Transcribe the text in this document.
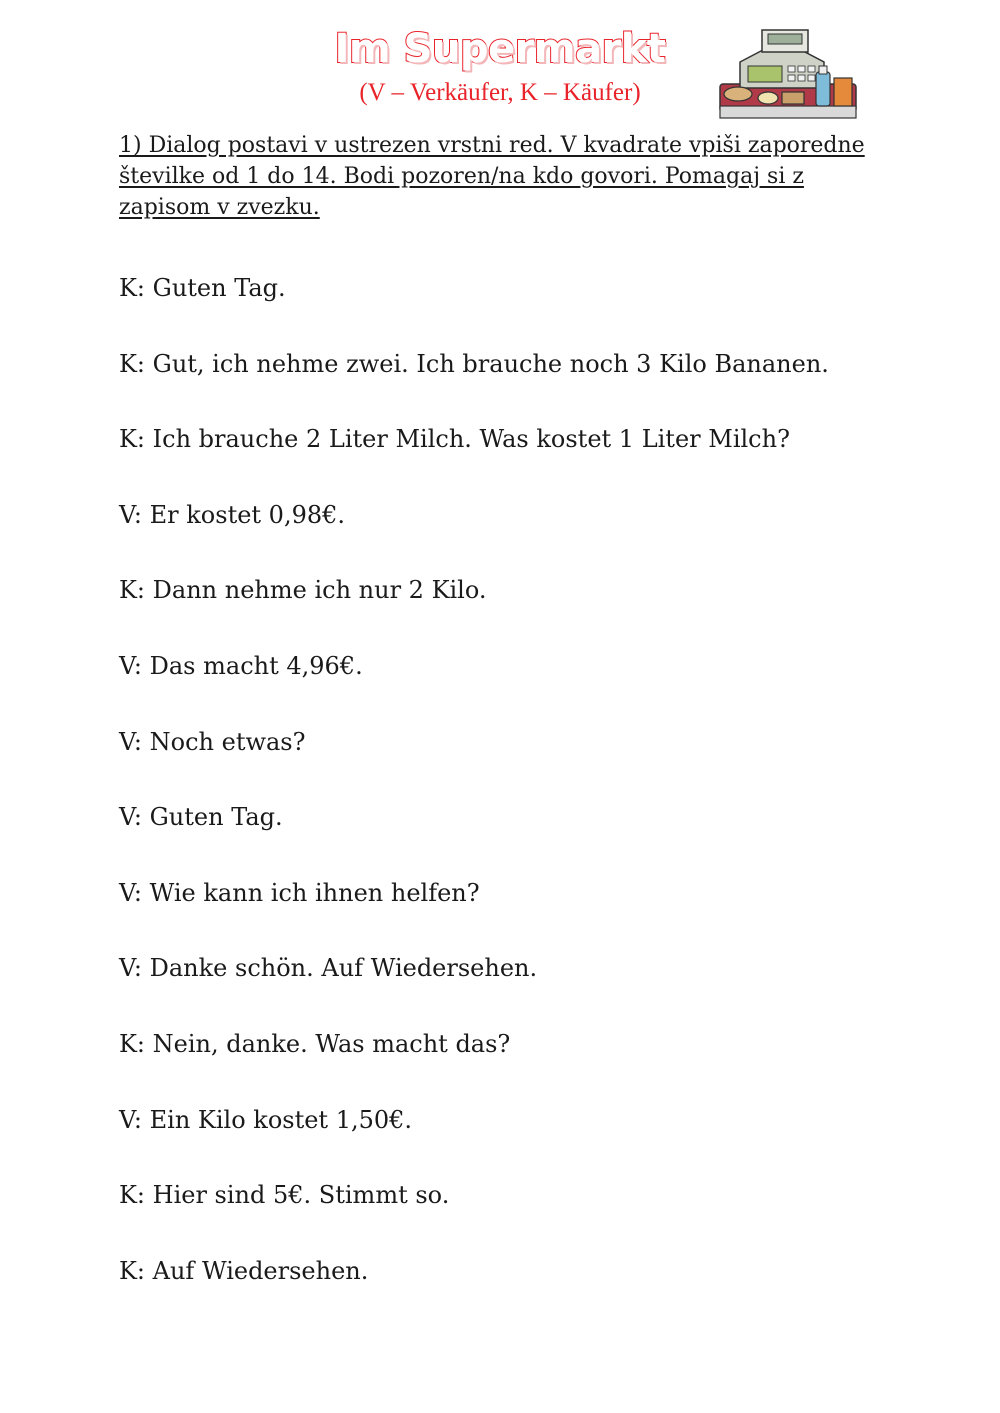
Im Supermarkt
(V – Verkäufer, K – Käufer)
1) Dialog postavi v ustrezen vrstni red. V kvadrate vpiši zaporedne številke od 1 do 14. Bodi pozoren/na kdo govori. Pomagaj si z zapisom v zvezku.
K: Guten Tag.
K: Gut, ich nehme zwei. Ich brauche noch 3 Kilo Bananen.
K: Ich brauche 2 Liter Milch. Was kostet 1 Liter Milch?
V: Er kostet 0,98€.
K: Dann nehme ich nur 2 Kilo.
V: Das macht 4,96€.
V: Noch etwas?
V: Guten Tag.
V: Wie kann ich ihnen helfen?
V: Danke schön. Auf Wiedersehen.
K: Nein, danke. Was macht das?
V: Ein Kilo kostet 1,50€.
K: Hier sind 5€. Stimmt so.
K: Auf Wiedersehen.
